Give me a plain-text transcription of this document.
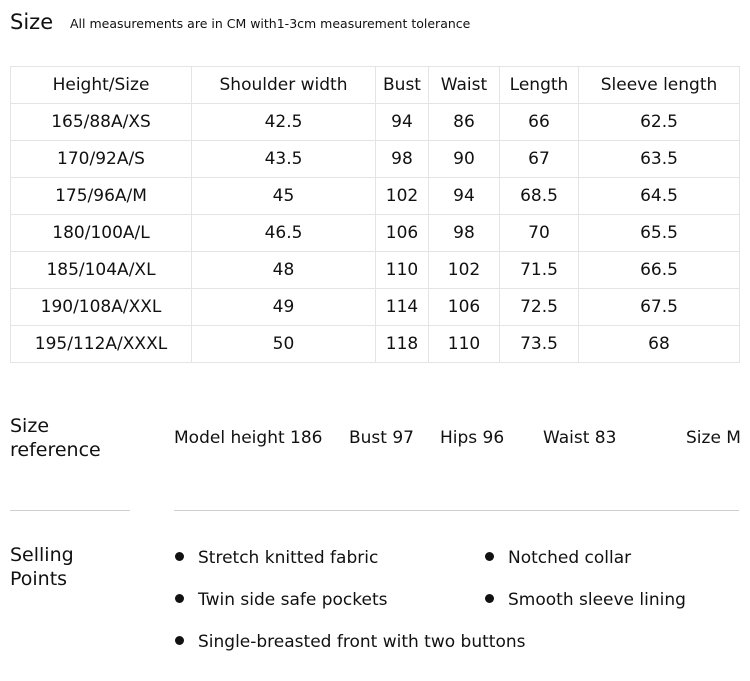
Size All measurements are in CM with1-3cm measurement tolerance
Height/Size	Shoulder width	Bust	Waist	Length	Sleeve length
165/88A/XS	42.5	94	86	66	62.5
170/92A/S	43.5	98	90	67	63.5
175/96A/M	45	102	94	68.5	64.5
180/100A/L	46.5	106	98	70	65.5
185/104A/XL	48	110	102	71.5	66.5
190/108A/XXL	49	114	106	72.5	67.5
195/112A/XXXL	50	118	110	73.5	68
Size
reference
Model height 186 Bust 97 Hips 96 Waist 83	Size M
Selling
Points
Stretch knitted fabric	Notched collar
Twin side safe pockets	Smooth sleeve lining
Single-breasted front with two buttons
